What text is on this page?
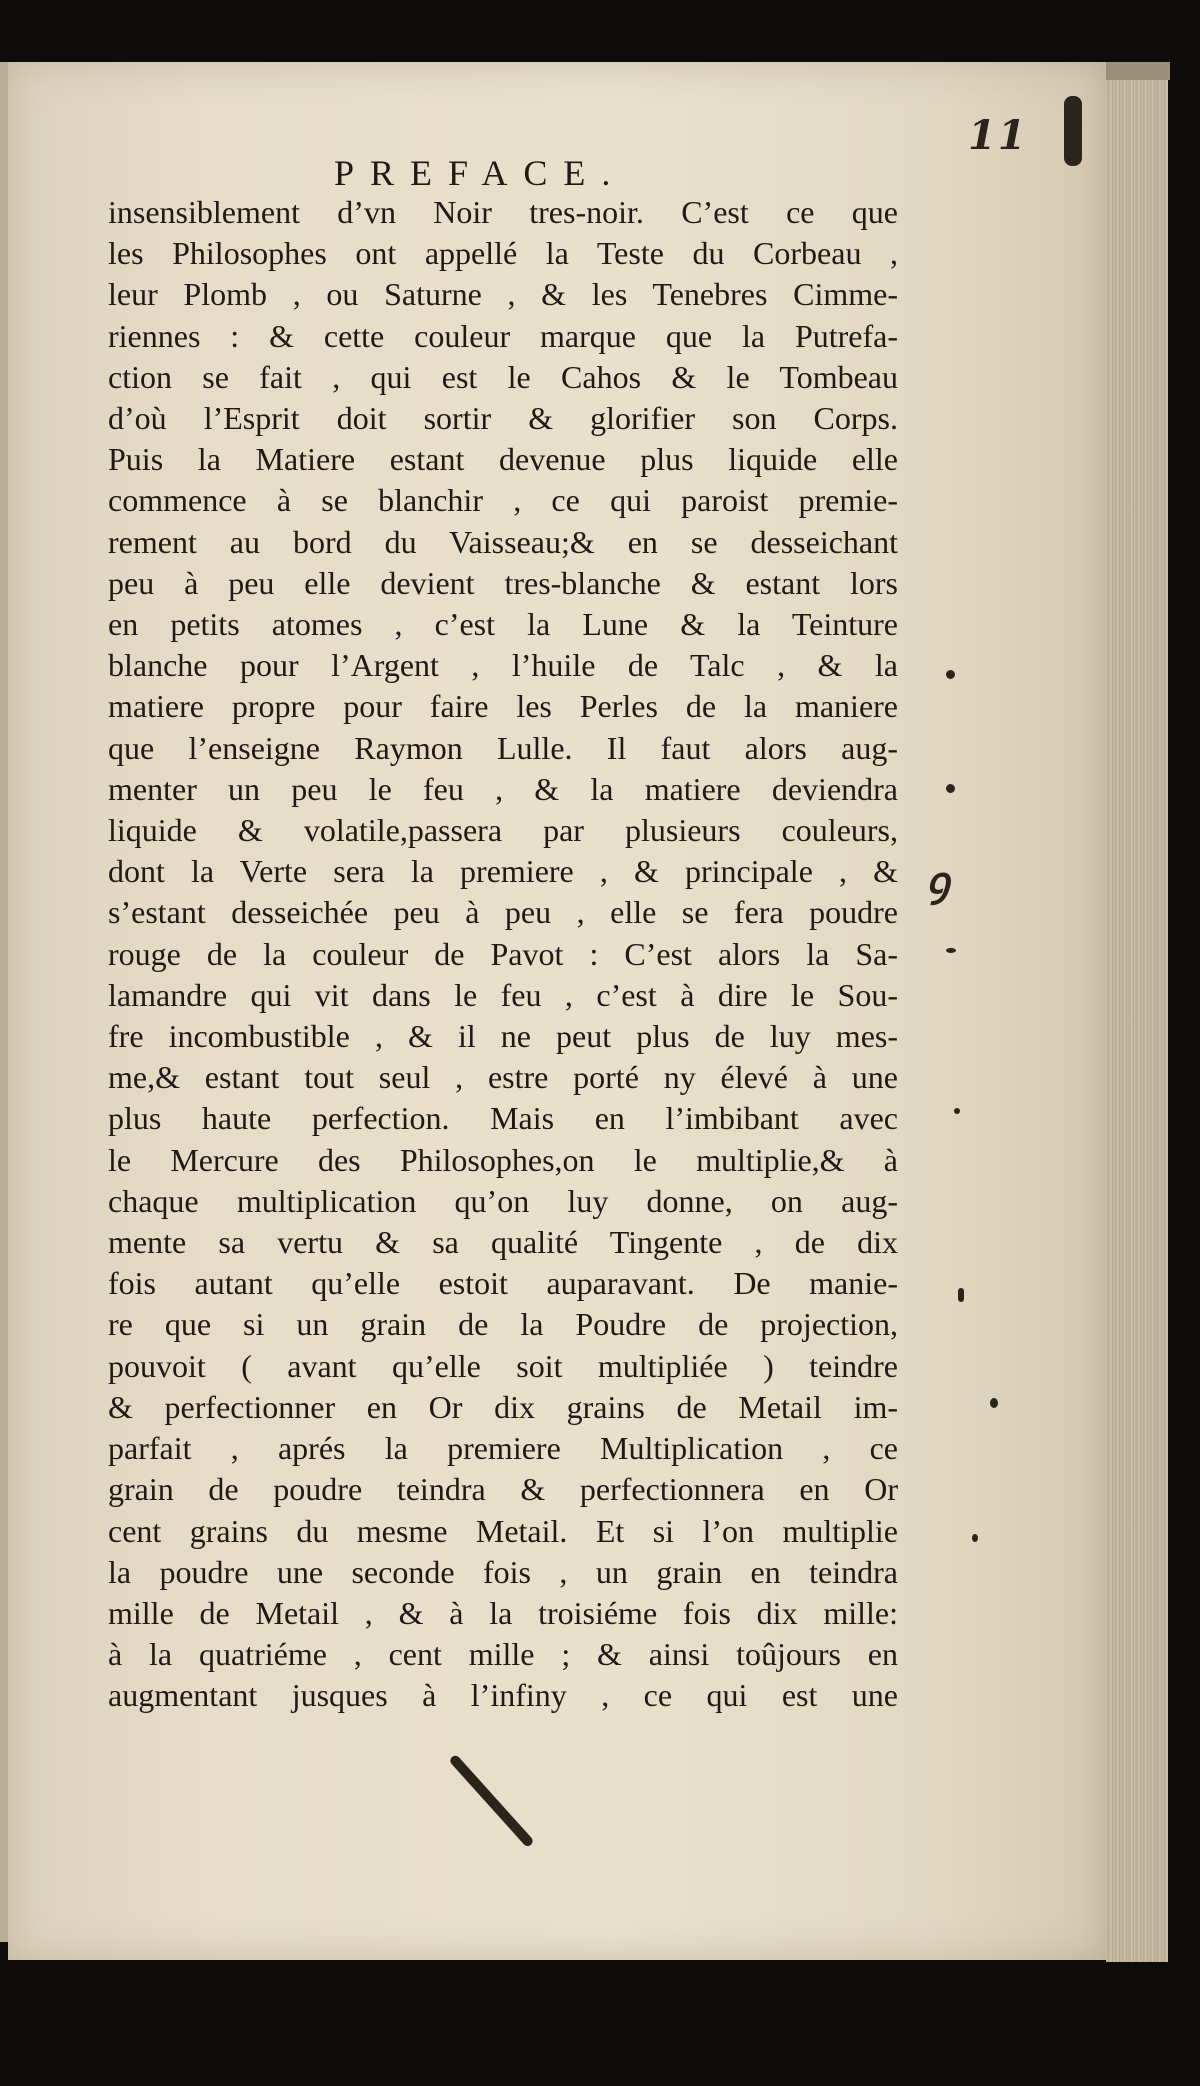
11
PREFACE.
insensiblement d’vn Noir tres-noir. C’est ce que
les Philosophes ont appellé la Teste du Corbeau ,
leur Plomb , ou Saturne , & les Tenebres Cimme-
riennes : & cette couleur marque que la Putrefa-
ction se fait , qui est le Cahos & le Tombeau
d’où l’Esprit doit sortir & glorifier son Corps.
Puis la Matiere estant devenue plus liquide elle
commence à se blanchir , ce qui paroist premie-
rement au bord du Vaisseau;& en se desseichant
peu à peu elle devient tres-blanche & estant lors
en petits atomes , c’est la Lune & la Teinture
blanche pour l’Argent , l’huile de Talc , & la
matiere propre pour faire les Perles de la maniere
que l’enseigne Raymon Lulle. Il faut alors aug-
menter un peu le feu , & la matiere deviendra
liquide & volatile,passera par plusieurs couleurs,
dont la Verte sera la premiere , & principale , &
s’estant desseichée peu à peu , elle se fera poudre
rouge de la couleur de Pavot : C’est alors la Sa-
lamandre qui vit dans le feu , c’est à dire le Sou-
fre incombustible , & il ne peut plus de luy mes-
me,& estant tout seul , estre porté ny élevé à une
plus haute perfection. Mais en l’imbibant avec
le Mercure des Philosophes,on le multiplie,& à
chaque multiplication qu’on luy donne, on aug-
mente sa vertu & sa qualité Tingente , de dix
fois autant qu’elle estoit auparavant. De manie-
re que si un grain de la Poudre de projection,
pouvoit ( avant qu’elle soit multipliée ) teindre
& perfectionner en Or dix grains de Metail im-
parfait , aprés la premiere Multiplication , ce
grain de poudre teindra & perfectionnera en Or
cent grains du mesme Metail. Et si l’on multiplie
la poudre une seconde fois , un grain en teindra
mille de Metail , & à la troisiéme fois dix mille:
à la quatriéme , cent mille ; & ainsi toûjours en
augmentant jusques à l’infiny , ce qui est une
ꝯ
